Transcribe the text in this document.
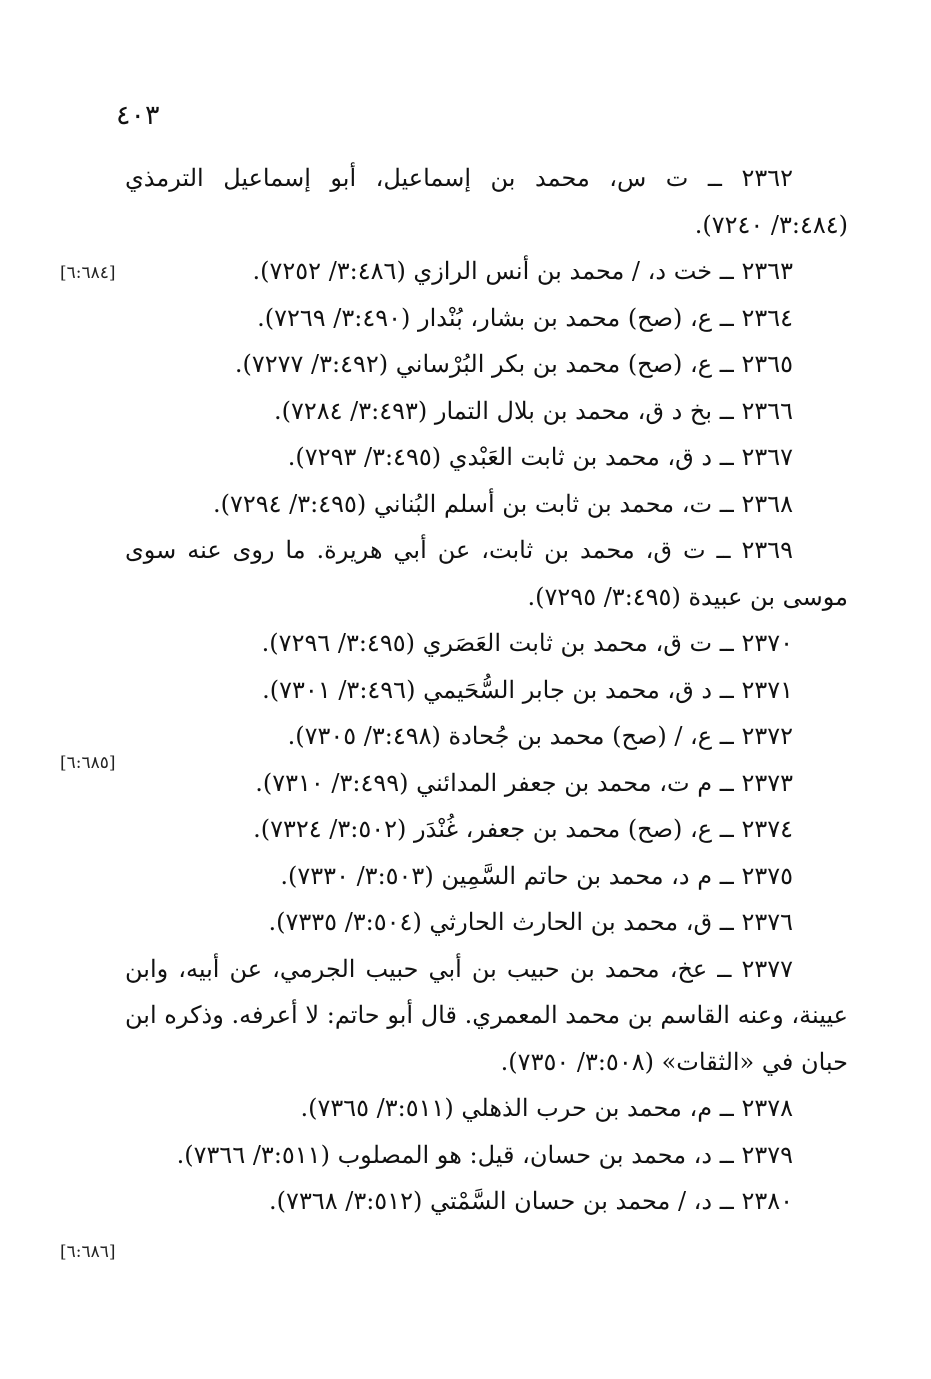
٤٠٣
٢٣٦٢ ــ ت س، محمد بن إسماعيل، أبو إسماعيل الترمذي
(٣:٤٨٤/ ٧٢٤٠).
٢٣٦٣ ــ خت د، / محمد بن أنس الرازي (٣:٤٨٦/ ٧٢٥٢).
٢٣٦٤ ــ ع، (صح) محمد بن بشار، بُنْدار (٣:٤٩٠/ ٧٢٦٩).
٢٣٦٥ ــ ع، (صح) محمد بن بكر البُرْساني (٣:٤٩٢/ ٧٢٧٧).
٢٣٦٦ ــ بخ د ق، محمد بن بلال التمار (٣:٤٩٣/ ٧٢٨٤).
٢٣٦٧ ــ د ق، محمد بن ثابت العَبْدي (٣:٤٩٥/ ٧٢٩٣).
٢٣٦٨ ــ ت، محمد بن ثابت بن أسلم البُناني (٣:٤٩٥/ ٧٢٩٤).
٢٣٦٩ ــ ت ق، محمد بن ثابت، عن أبي هريرة. ما روى عنه سوى
موسى بن عبيدة (٣:٤٩٥/ ٧٢٩٥).
٢٣٧٠ ــ ت ق، محمد بن ثابت العَصَري (٣:٤٩٥/ ٧٢٩٦).
٢٣٧١ ــ د ق، محمد بن جابر السُّحَيمي (٣:٤٩٦/ ٧٣٠١).
٢٣٧٢ ــ ع، / (صح) محمد بن جُحادة (٣:٤٩٨/ ٧٣٠٥).
٢٣٧٣ ــ م ت، محمد بن جعفر المدائني (٣:٤٩٩/ ٧٣١٠).
٢٣٧٤ ــ ع، (صح) محمد بن جعفر، غُنْدَر (٣:٥٠٢/ ٧٣٢٤).
٢٣٧٥ ــ م د، محمد بن حاتم السَّمِين (٣:٥٠٣/ ٧٣٣٠).
٢٣٧٦ ــ ق، محمد بن الحارث الحارثي (٣:٥٠٤/ ٧٣٣٥).
٢٣٧٧ ــ عخ، محمد بن حبيب بن أبي حبيب الجرمي، عن أبيه، وابن
عيينة، وعنه القاسم بن محمد المعمري. قال أبو حاتم: لا أعرفه. وذكره ابن
حبان في «الثقات» (٣:٥٠٨/ ٧٣٥٠).
٢٣٧٨ ــ م، محمد بن حرب الذهلي (٣:٥١١/ ٧٣٦٥).
٢٣٧٩ ــ د، محمد بن حسان، قيل: هو المصلوب (٣:٥١١/ ٧٣٦٦).
٢٣٨٠ ــ د، / محمد بن حسان السَّمْتي (٣:٥١٢/ ٧٣٦٨).
[٦:٦٨٤]
[٦:٦٨٥]
[٦:٦٨٦]
